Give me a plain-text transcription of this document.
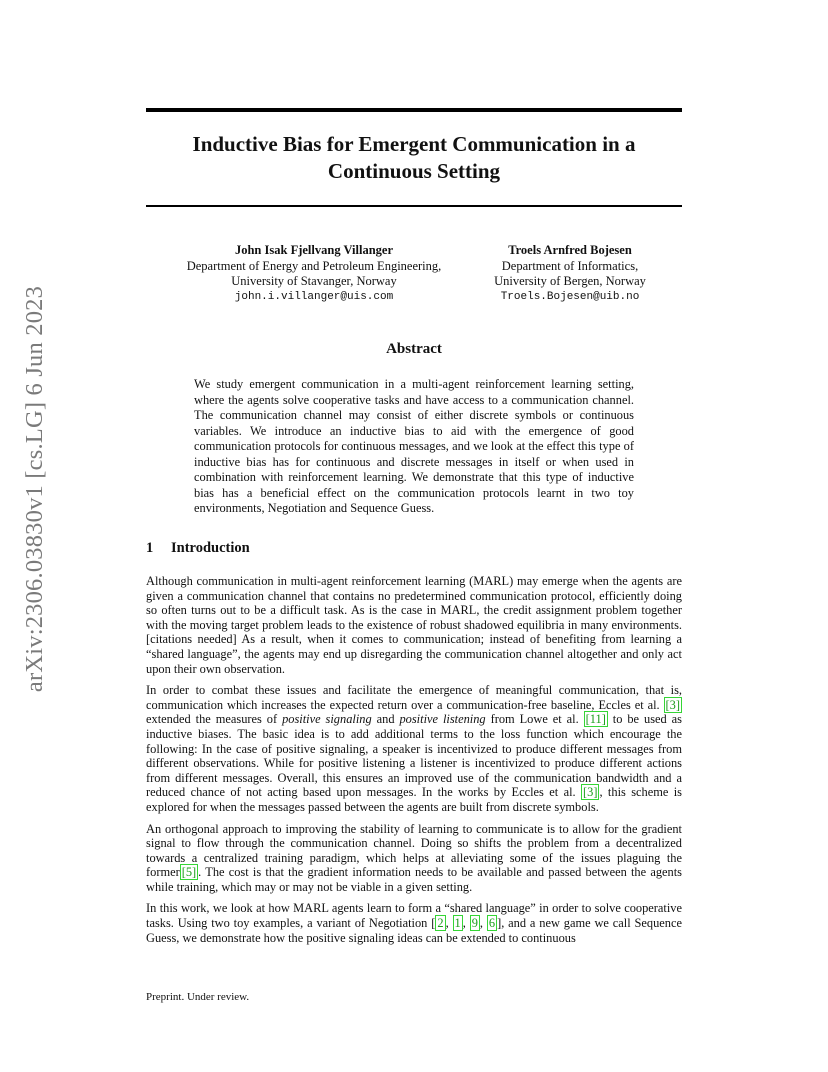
arXiv:2306.03830v1 [cs.LG] 6 Jun 2023
Inductive Bias for Emergent Communication in a
Continuous Setting
John Isak Fjellvang Villanger
Department of Energy and Petroleum Engineering,
University of Stavanger, Norway
john.i.villanger@uis.com
Troels Arnfred Bojesen
Department of Informatics,
University of Bergen, Norway
Troels.Bojesen@uib.no
Abstract
We study emergent communication in a multi-agent reinforcement learning setting, where the agents solve cooperative tasks and have access to a communication channel. The communication channel may consist of either discrete symbols or continuous variables. We introduce an inductive bias to aid with the emergence of good communication protocols for continuous messages, and we look at the effect this type of inductive bias has for continuous and discrete messages in itself or when used in combination with reinforcement learning. We demonstrate that this type of inductive bias has a beneficial effect on the communication protocols learnt in two toy environments, Negotiation and Sequence Guess.
1 Introduction

Although communication in multi-agent reinforcement learning (MARL) may emerge when the agents are given a communication channel that contains no predetermined communication protocol, efficiently doing so often turns out to be a difficult task. As is the case in MARL, the credit assignment problem together with the moving target problem leads to the existence of robust shadowed equilibria in many environments. [citations needed] As a result, when it comes to communication; instead of benefiting from learning a “shared language”, the agents may end up disregarding the communication channel altogether and only act upon their own observation.

In order to combat these issues and facilitate the emergence of meaningful communication, that is, communication which increases the expected return over a communication-free baseline, Eccles et al. [3] extended the measures of positive signaling and positive listening from Lowe et al. [11] to be used as inductive biases. The basic idea is to add additional terms to the loss function which encourage the following: In the case of positive signaling, a speaker is incentivized to produce different messages from different observations. While for positive listening a listener is incentivized to produce different actions from different messages. Overall, this ensures an improved use of the communication bandwidth and a reduced chance of not acting based upon messages. In the works by Eccles et al. [3] , this scheme is explored for when the messages passed between the agents are built from discrete symbols.

An orthogonal approach to improving the stability of learning to communicate is to allow for the gradient signal to flow through the communication channel. Doing so shifts the problem from a decentralized towards a centralized training paradigm, which helps at alleviating some of the issues plaguing the former [5] . The cost is that the gradient information needs to be available and passed between the agents while training, which may or may not be viable in a given setting.

In this work, we look at how MARL agents learn to form a “shared language” in order to solve cooperative tasks. Using two toy examples, a variant of Negotiation [ 2 , 1 , 9 , 6 ], and a new game we call Sequence Guess, we demonstrate how the positive signaling ideas can be extended to continuous

Preprint. Under review.
